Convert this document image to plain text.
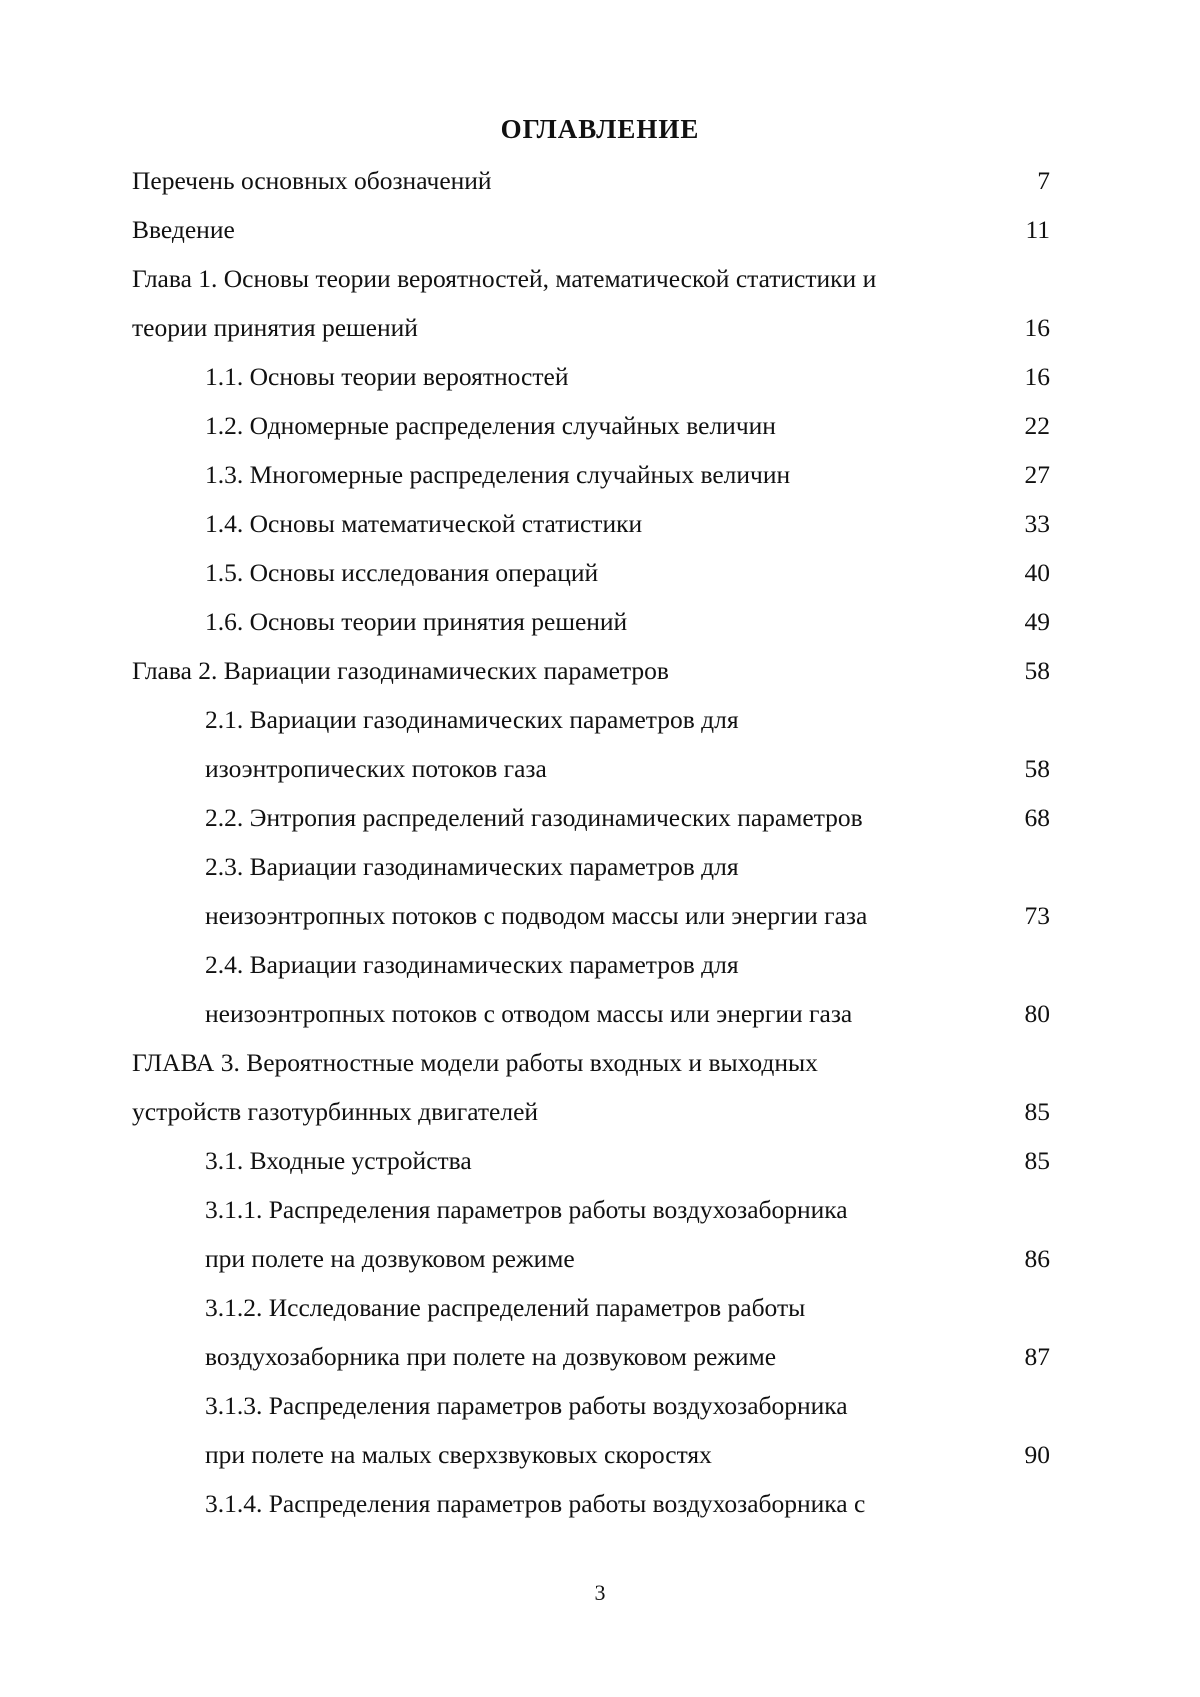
ОГЛАВЛЕНИЕ
Перечень основных обозначений	7
Введение	11
Глава 1. Основы теории вероятностей, математической статистики и
теории принятия решений	16
1.1. Основы теории вероятностей	16
1.2. Одномерные распределения случайных величин	22
1.3. Многомерные распределения случайных величин	27
1.4. Основы математической статистики	33
1.5. Основы исследования операций	40
1.6. Основы теории принятия решений	49
Глава 2. Вариации газодинамических параметров	58
2.1. Вариации газодинамических параметров для
изоэнтропических потоков газа	58
2.2. Энтропия распределений газодинамических параметров	68
2.3. Вариации газодинамических параметров для
неизоэнтропных потоков с подводом массы или энергии газа	73
2.4. Вариации газодинамических параметров для
неизоэнтропных потоков с отводом массы или энергии газа	80
ГЛАВА 3. Вероятностные модели работы входных и выходных
устройств газотурбинных двигателей	85
3.1. Входные устройства	85
3.1.1. Распределения параметров работы воздухозаборника
при полете на дозвуковом режиме	86
3.1.2. Исследование распределений параметров работы
воздухозаборника при полете на дозвуковом режиме	87
3.1.3. Распределения параметров работы воздухозаборника
при полете на малых сверхзвуковых скоростях	90
3.1.4. Распределения параметров работы воздухозаборника с
3
